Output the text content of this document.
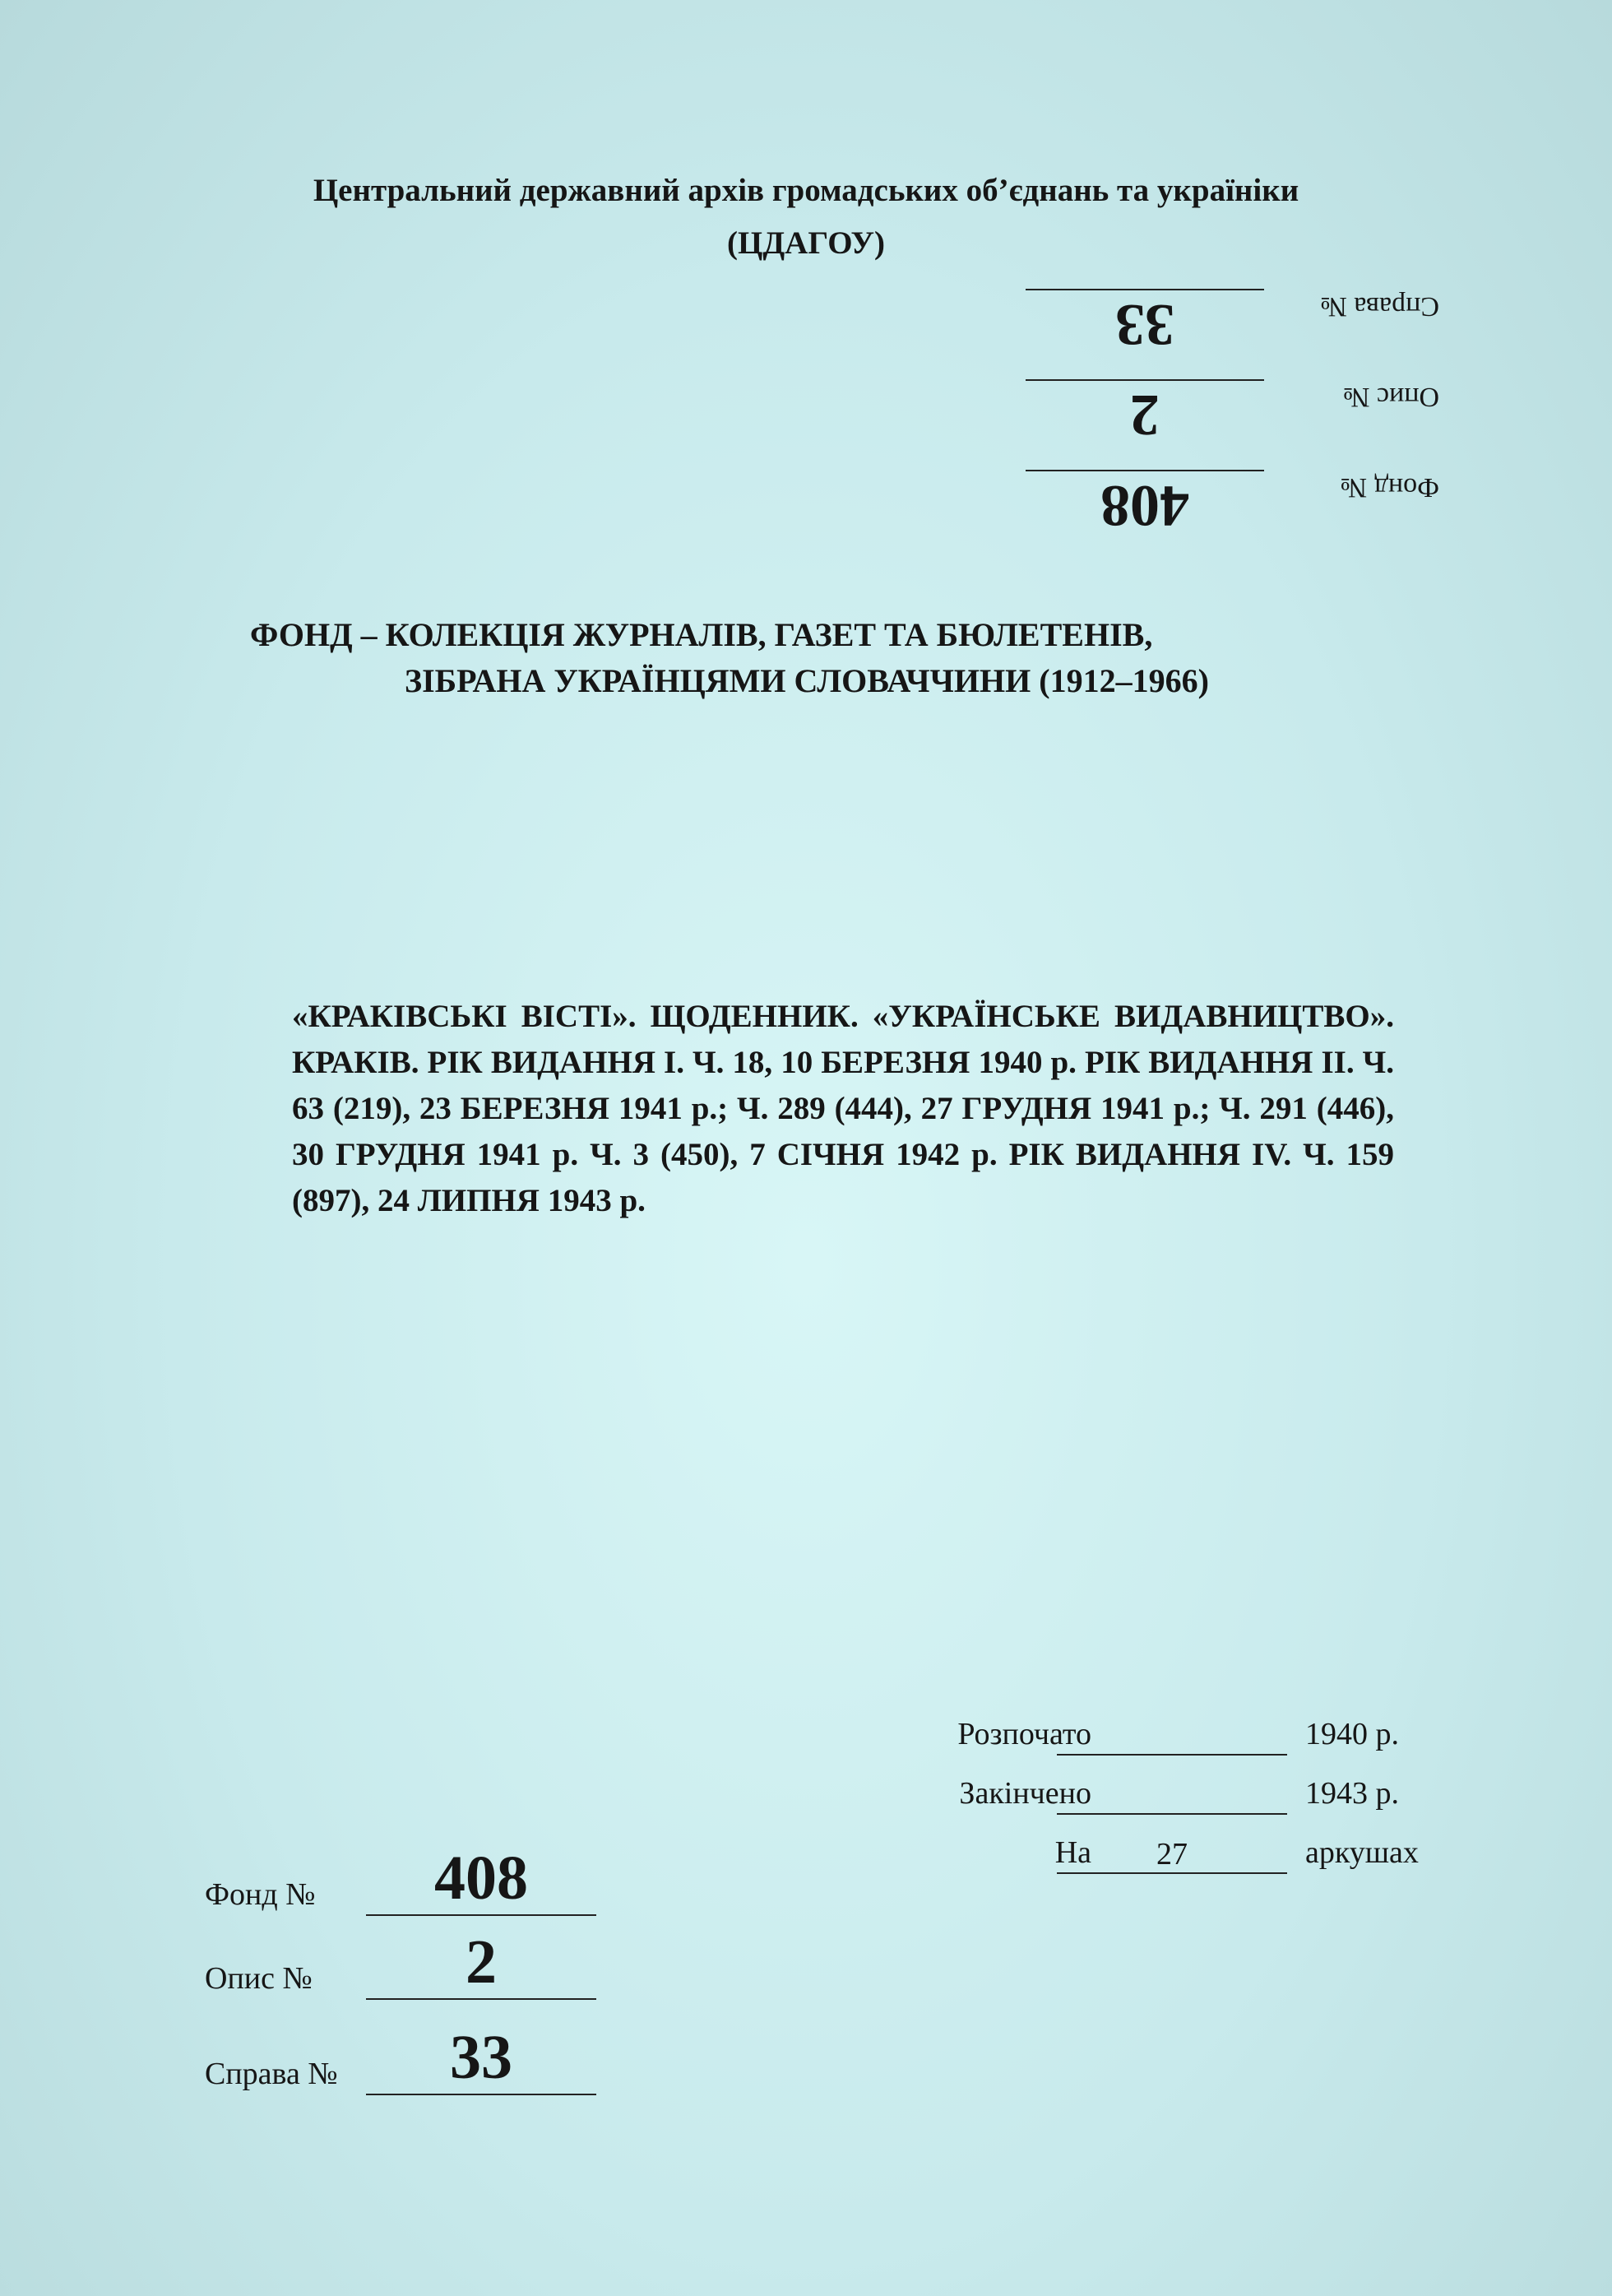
Центральний державний архів громадських об’єднань та україніки
(ЦДАГОУ)
Фонд №
408
Опис №
2
Справа №
33
ФОНД – КОЛЕКЦІЯ ЖУРНАЛІВ, ГАЗЕТ ТА БЮЛЕТЕНІВ,
ЗІБРАНА УКРАЇНЦЯМИ СЛОВАЧЧИНИ (1912–1966)
«КРАКІВСЬКІ ВІСТІ». ЩОДЕННИК. «УКРАЇНСЬКЕ ВИДАВНИЦТВО». КРАКІВ. РІК ВИДАННЯ І. Ч. 18, 10 БЕРЕЗНЯ 1940 р. РІК ВИДАННЯ ІІ. Ч. 63 (219), 23 БЕРЕЗНЯ 1941 р.; Ч. 289 (444), 27 ГРУДНЯ 1941 р.; Ч. 291 (446), 30 ГРУДНЯ 1941 р. Ч. 3 (450), 7 СІЧНЯ 1942 р. РІК ВИДАННЯ ІV. Ч. 159 (897), 24 ЛИПНЯ 1943 р.
Розпочато	1940 р.
Закінчено	1943 р.
На	27	аркушах
Фонд №	408
Опис №	2
Справа №	33
